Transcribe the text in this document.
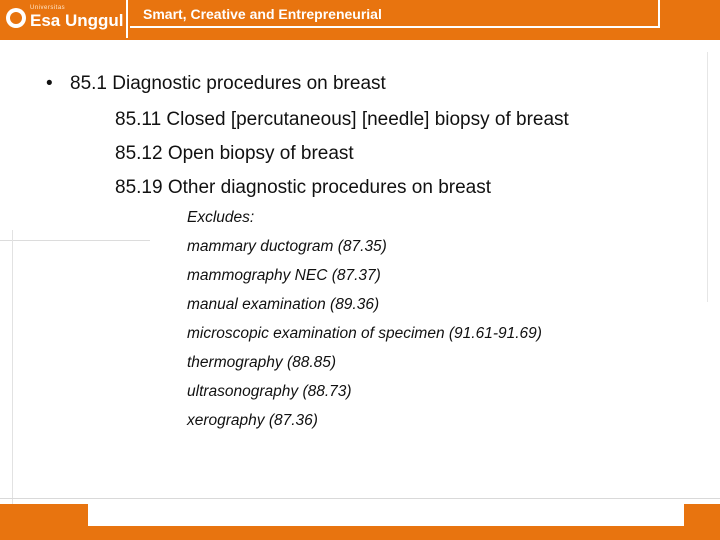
Universitas
Esa Unggul Smart, Creative and Entrepreneurial
• 85.1 Diagnostic procedures on breast
85.11 Closed [percutaneous] [needle] biopsy of breast
85.12 Open biopsy of breast
85.19 Other diagnostic procedures on breast
Excludes:
mammary ductogram (87.35)
mammography NEC (87.37)
manual examination (89.36)
microscopic examination of specimen (91.61-91.69)
thermography (88.85)
ultrasonography (88.73)
xerography (87.36)
